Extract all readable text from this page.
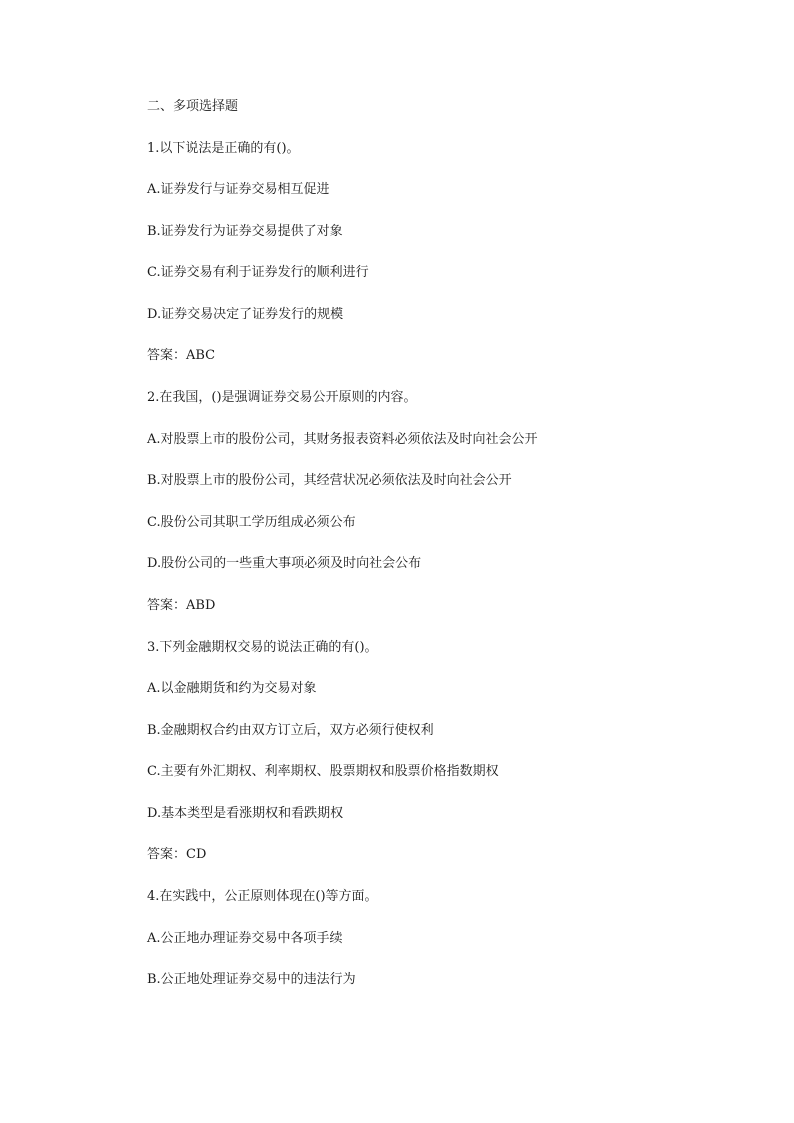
二、多项选择题
1.以下说法是正确的有()。
A.证券发行与证券交易相互促进
B.证券发行为证券交易提供了对象
C.证券交易有利于证券发行的顺利进行
D.证券交易决定了证券发行的规模
答案：ABC
2.在我国，()是强调证券交易公开原则的内容。
A.对股票上市的股份公司，其财务报表资料必须依法及时向社会公开
B.对股票上市的股份公司，其经营状况必须依法及时向社会公开
C.股份公司其职工学历组成必须公布
D.股份公司的一些重大事项必须及时向社会公布
答案：ABD
3.下列金融期权交易的说法正确的有()。
A.以金融期货和约为交易对象
B.金融期权合约由双方订立后，双方必须行使权利
C.主要有外汇期权、利率期权、股票期权和股票价格指数期权
D.基本类型是看涨期权和看跌期权
答案：CD
4.在实践中，公正原则体现在()等方面。
A.公正地办理证券交易中各项手续
B.公正地处理证券交易中的违法行为
